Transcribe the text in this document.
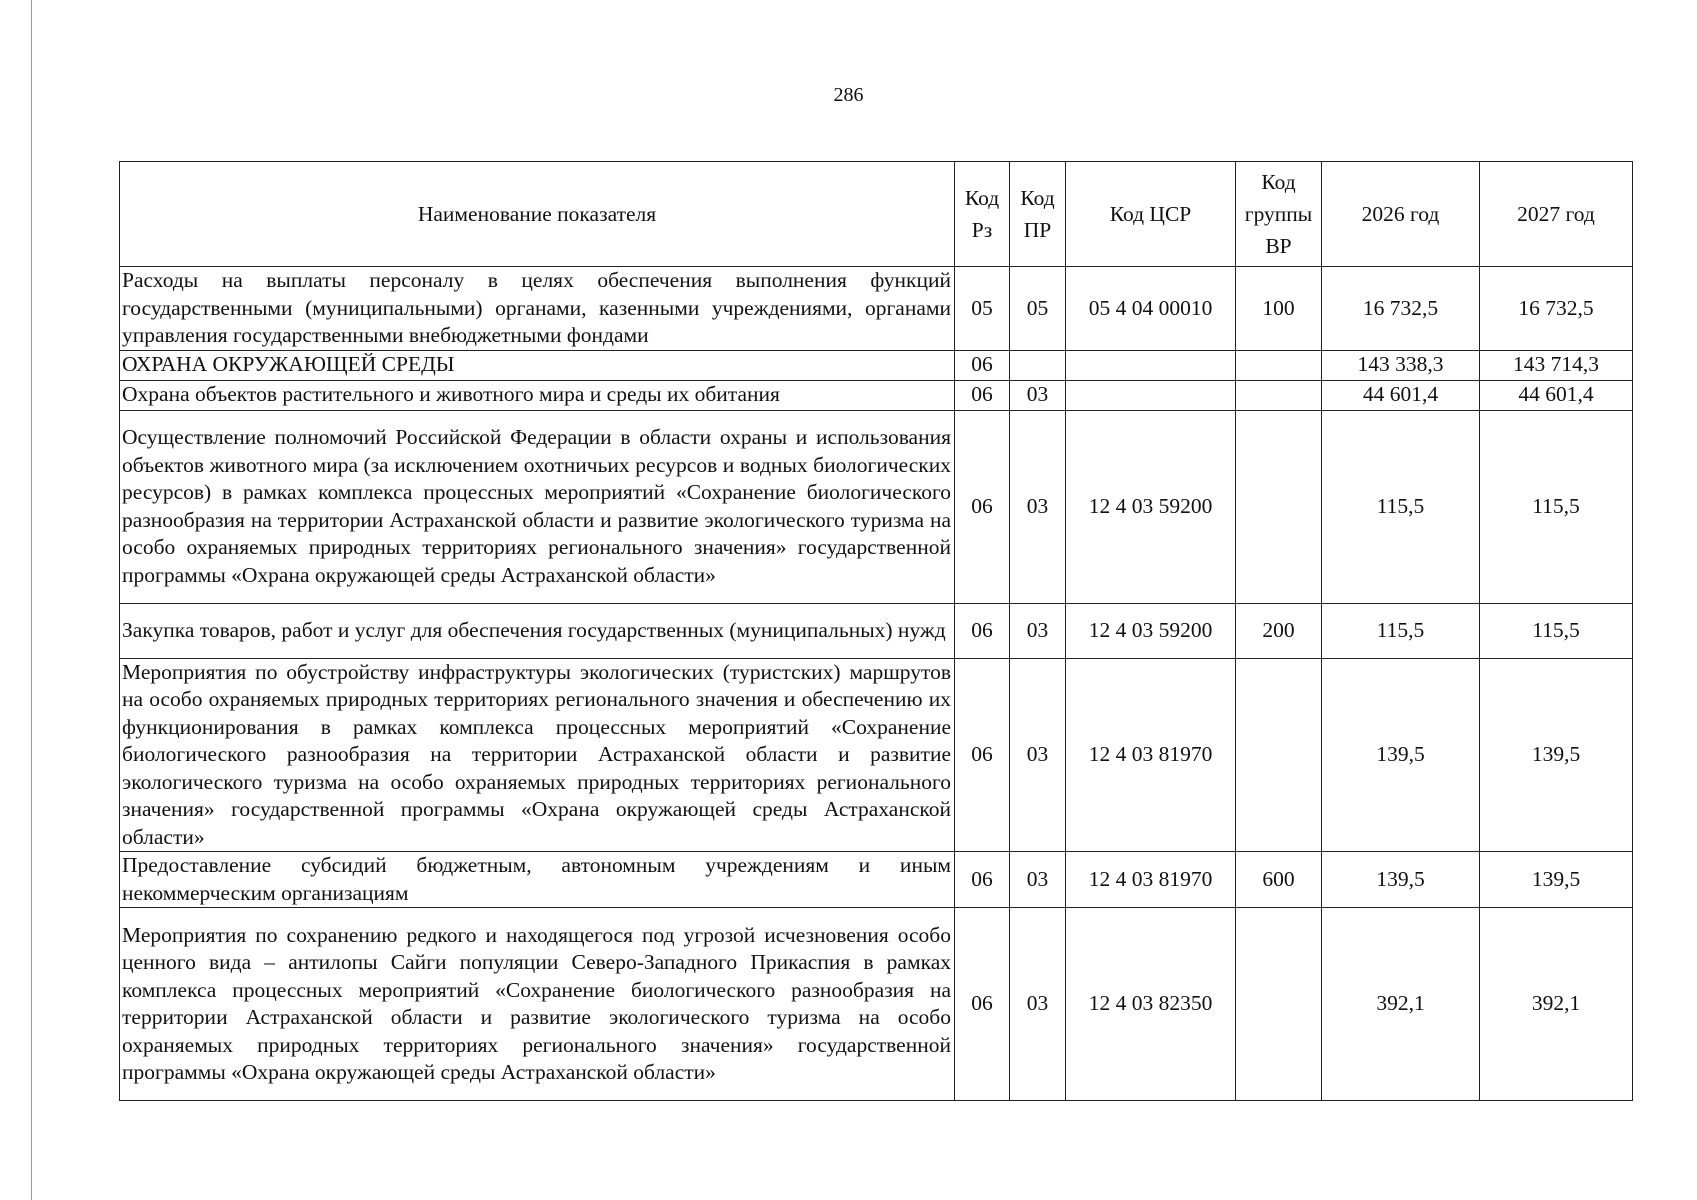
286
Наименование показателя	Код Рз	Код ПР	Код ЦСР	Код группы ВР	2026 год	2027 год
Расходы на выплаты персоналу в целях обеспечения выполнения функций государственными (муниципальными) органами, казенными учреждениями, органами управления государственными внебюджетными фондами	05	05	05 4 04 00010	100	16 732,5	16 732,5
ОХРАНА ОКРУЖАЮЩЕЙ СРЕДЫ	06				143 338,3	143 714,3
Охрана объектов растительного и животного мира и среды их обитания	06	03			44 601,4	44 601,4
Осуществление полномочий Российской Федерации в области охраны и использования объектов животного мира (за исключением охотничьих ресурсов и водных биологических ресурсов) в рамках комплекса процессных мероприятий «Сохранение биологического разнообразия на территории Астраханской области и развитие экологического туризма на особо охраняемых природных территориях регионального значения» государственной программы «Охрана окружающей среды Астраханской области»	06	03	12 4 03 59200		115,5	115,5
Закупка товаров, работ и услуг для обеспечения государственных (муниципальных) нужд	06	03	12 4 03 59200	200	115,5	115,5
Мероприятия по обустройству инфраструктуры экологических (туристских) маршрутов на особо охраняемых природных территориях регионального значения и обеспечению их функционирования в рамках комплекса процессных мероприятий «Сохранение биологического разнообразия на территории Астраханской области и развитие экологического туризма на особо охраняемых природных территориях регионального значения» государственной программы «Охрана окружающей среды Астраханской области»	06	03	12 4 03 81970		139,5	139,5
Предоставление субсидий бюджетным, автономным учреждениям и иным некоммерческим организациям	06	03	12 4 03 81970	600	139,5	139,5
Мероприятия по сохранению редкого и находящегося под угрозой исчезновения особо ценного вида – антилопы Сайги популяции Северо-Западного Прикаспия в рамках комплекса процессных мероприятий «Сохранение биологического разнообразия на территории Астраханской области и развитие экологического туризма на особо охраняемых природных территориях регионального значения» государственной программы «Охрана окружающей среды Астраханской области»	06	03	12 4 03 82350		392,1	392,1
